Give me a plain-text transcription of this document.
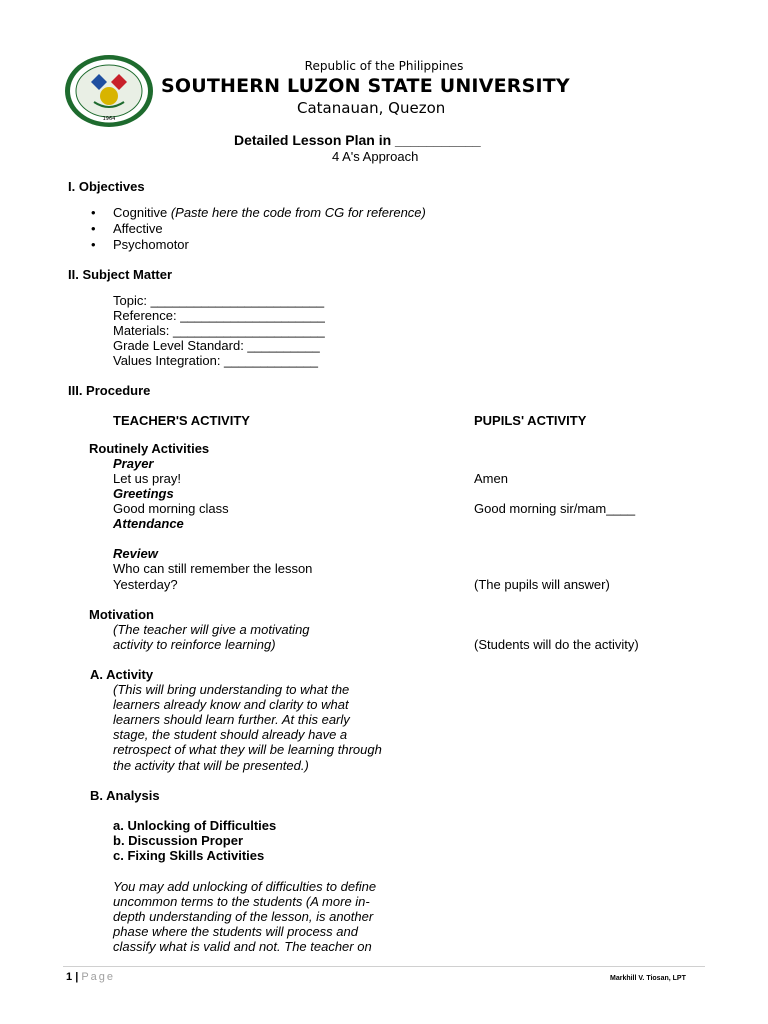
1964
Republic of the Philippines
SOUTHERN LUZON STATE UNIVERSITY
Catanauan, Quezon
Detailed Lesson Plan in ___________
4 A's Approach
I. Objectives
• Cognitive (Paste here the code from CG for reference)
• Affective
• Psychomotor
II. Subject Matter
Topic: ________________________
Reference: ____________________
Materials: _____________________
Grade Level Standard: __________
Values Integration: _____________
III. Procedure
TEACHER'S ACTIVITY	PUPILS' ACTIVITY
Routinely Activities
Prayer
Let us pray!	Amen
Greetings
Good morning class	Good morning sir/mam____
Attendance
Review
Who can still remember the lesson
Yesterday?	(The pupils will answer)
Motivation
(The teacher will give a motivating
activity to reinforce learning)	(Students will do the activity)
A. Activity
(This will bring understanding to what the
learners already know and clarity to what
learners should learn further. At this early
stage, the student should already have a
retrospect of what they will be learning through
the activity that will be presented.)
B. Analysis
a. Unlocking of Difficulties
b. Discussion Proper
c. Fixing Skills Activities
You may add unlocking of difficulties to define
uncommon terms to the students (A more in-
depth understanding of the lesson, is another
phase where the students will process and
classify what is valid and not. The teacher on
1 | Page	Markhill V. Tiosan, LPT
